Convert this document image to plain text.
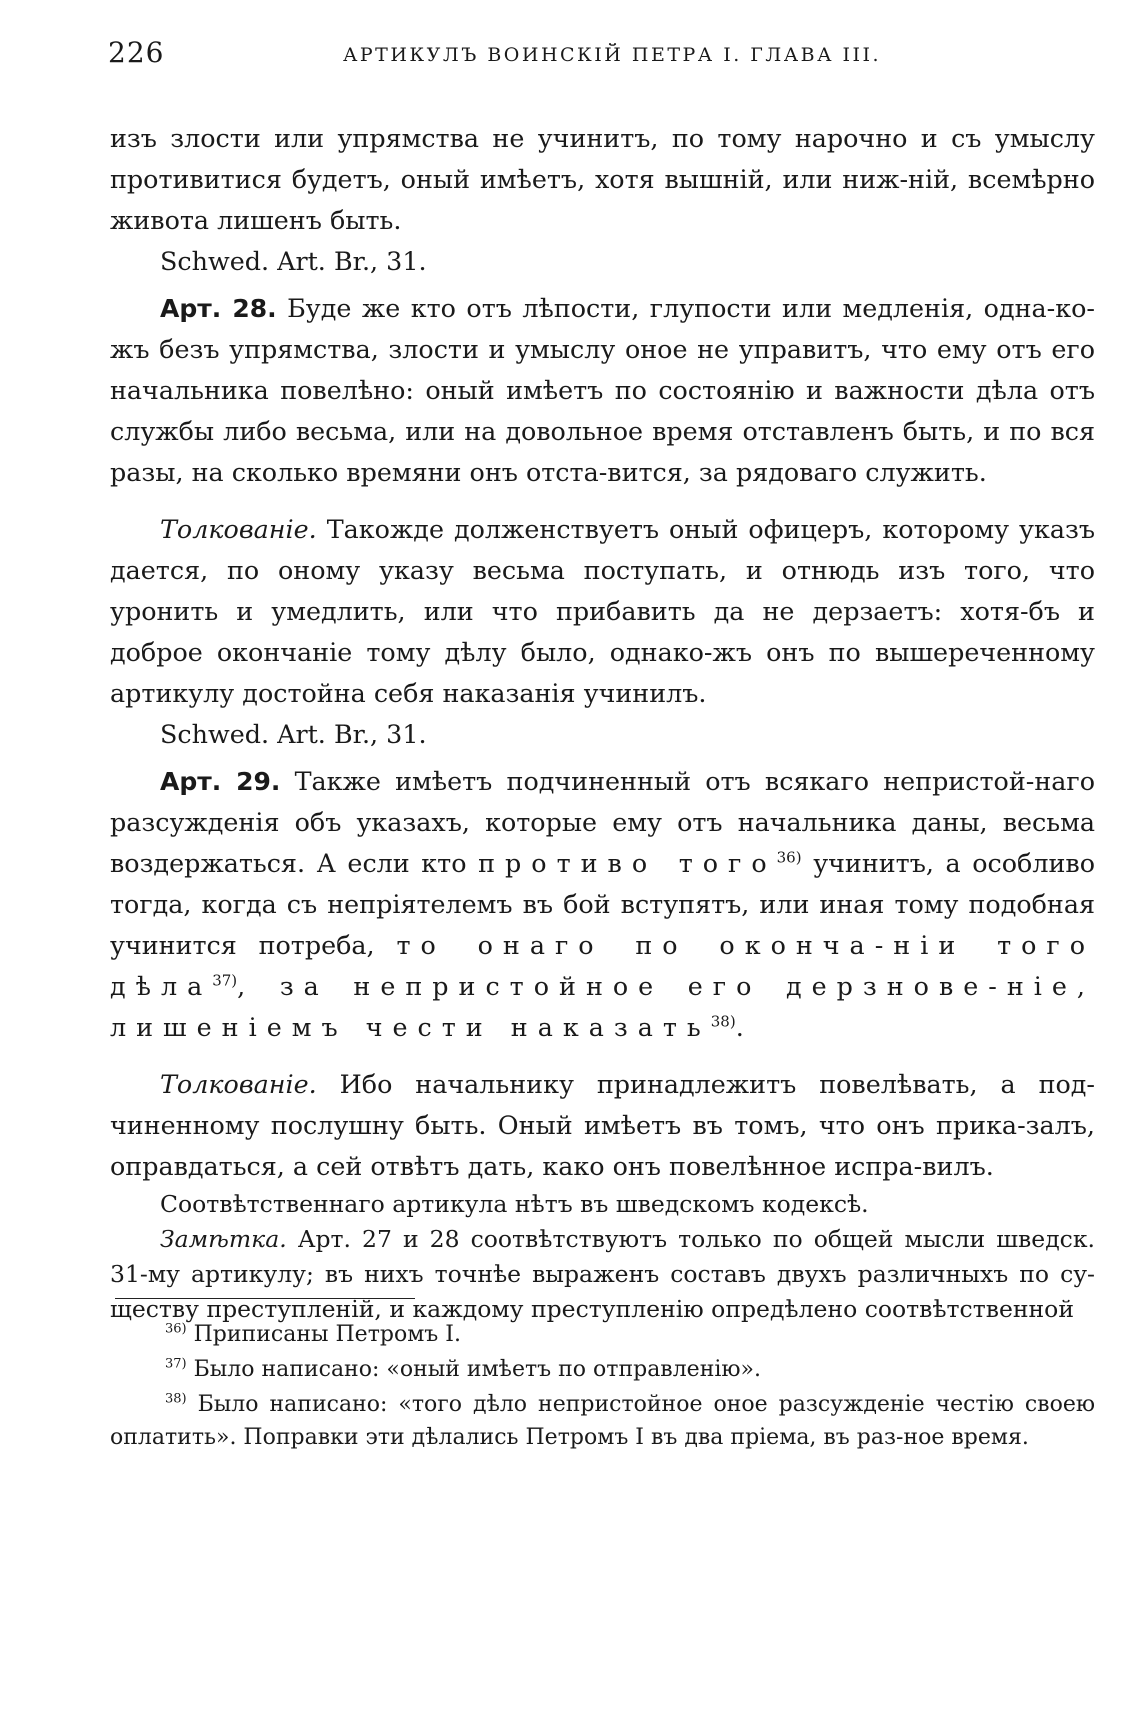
226	АРТИКУЛЪ ВОИНСКІЙ ПЕТРА І. ГЛАВА ІІІ.

изъ злости или упрямства не учинитъ, по тому нарочно и съ умыслу противитися будетъ, оный имѣетъ, хотя вышній, или ниж-ній, всемѣрно живота лишенъ быть.

Schwed. Art. Br., 31.

Арт. 28. Буде же кто отъ лѣпости, глупости или медленія, одна-ко-жъ безъ упрямства, злости и умыслу оное не управитъ, что ему отъ его начальника повелѣно: оный имѣетъ по состоянію и важности дѣла отъ службы либо весьма, или на довольное время отставленъ быть, и по вся разы, на сколько времяни онъ отста-вится, за рядоваго служить.

Толкованіе. Такожде долженствуетъ оный офицеръ, которому указъ дается, по оному указу весьма поступать, и отнюдь изъ того, что уронить и умедлить, или что прибавить да не дерзаетъ: хотя-бъ и доброе окончаніе тому дѣлу было, однако-жъ онъ по вышереченному артикулу достойна себя наказанія учинилъ.

Schwed. Art. Br., 31.

Арт. 29. Также имѣетъ подчиненный отъ всякаго непристой-наго разсужденія объ указахъ, которые ему отъ начальника даны, весьма воздержаться. А если кто противо того$^{36)}$ учинитъ, а особливо тогда, когда съ непріятелемъ въ бой вступятъ, или иная тому подобная учинится потреба, то онаго по оконча-ніи того дѣла$^{37)}$, за непристойное его дерзнове-ніе, лишеніемъ чести наказать$^{38)}$.

Толкованіе. Ибо начальнику принадлежитъ повелѣвать, а под-чиненному послушну быть. Оный имѣетъ въ томъ, что онъ прика-залъ, оправдаться, а сей отвѣтъ дать, како онъ повелѣнное испра-вилъ.

Соотвѣтственнаго артикула нѣтъ въ шведскомъ кодексѣ.

Замѣтка. Арт. 27 и 28 соотвѣтствуютъ только по общей мысли шведск. 31-му артикулу; въ нихъ точнѣе выраженъ составъ двухъ различныхъ по су-ществу преступленій, и каждому преступленію опредѣлено соотвѣтственной

$^{36)}$ Приписаны Петромъ I.

$^{37)}$ Было написано: «оный имѣетъ по отправленію».

$^{38)}$ Было написано: «того дѣло непристойное оное разсужденіе честію своею оплатить». Поправки эти дѣлались Петромъ I въ два пріема, въ раз-ное время.
